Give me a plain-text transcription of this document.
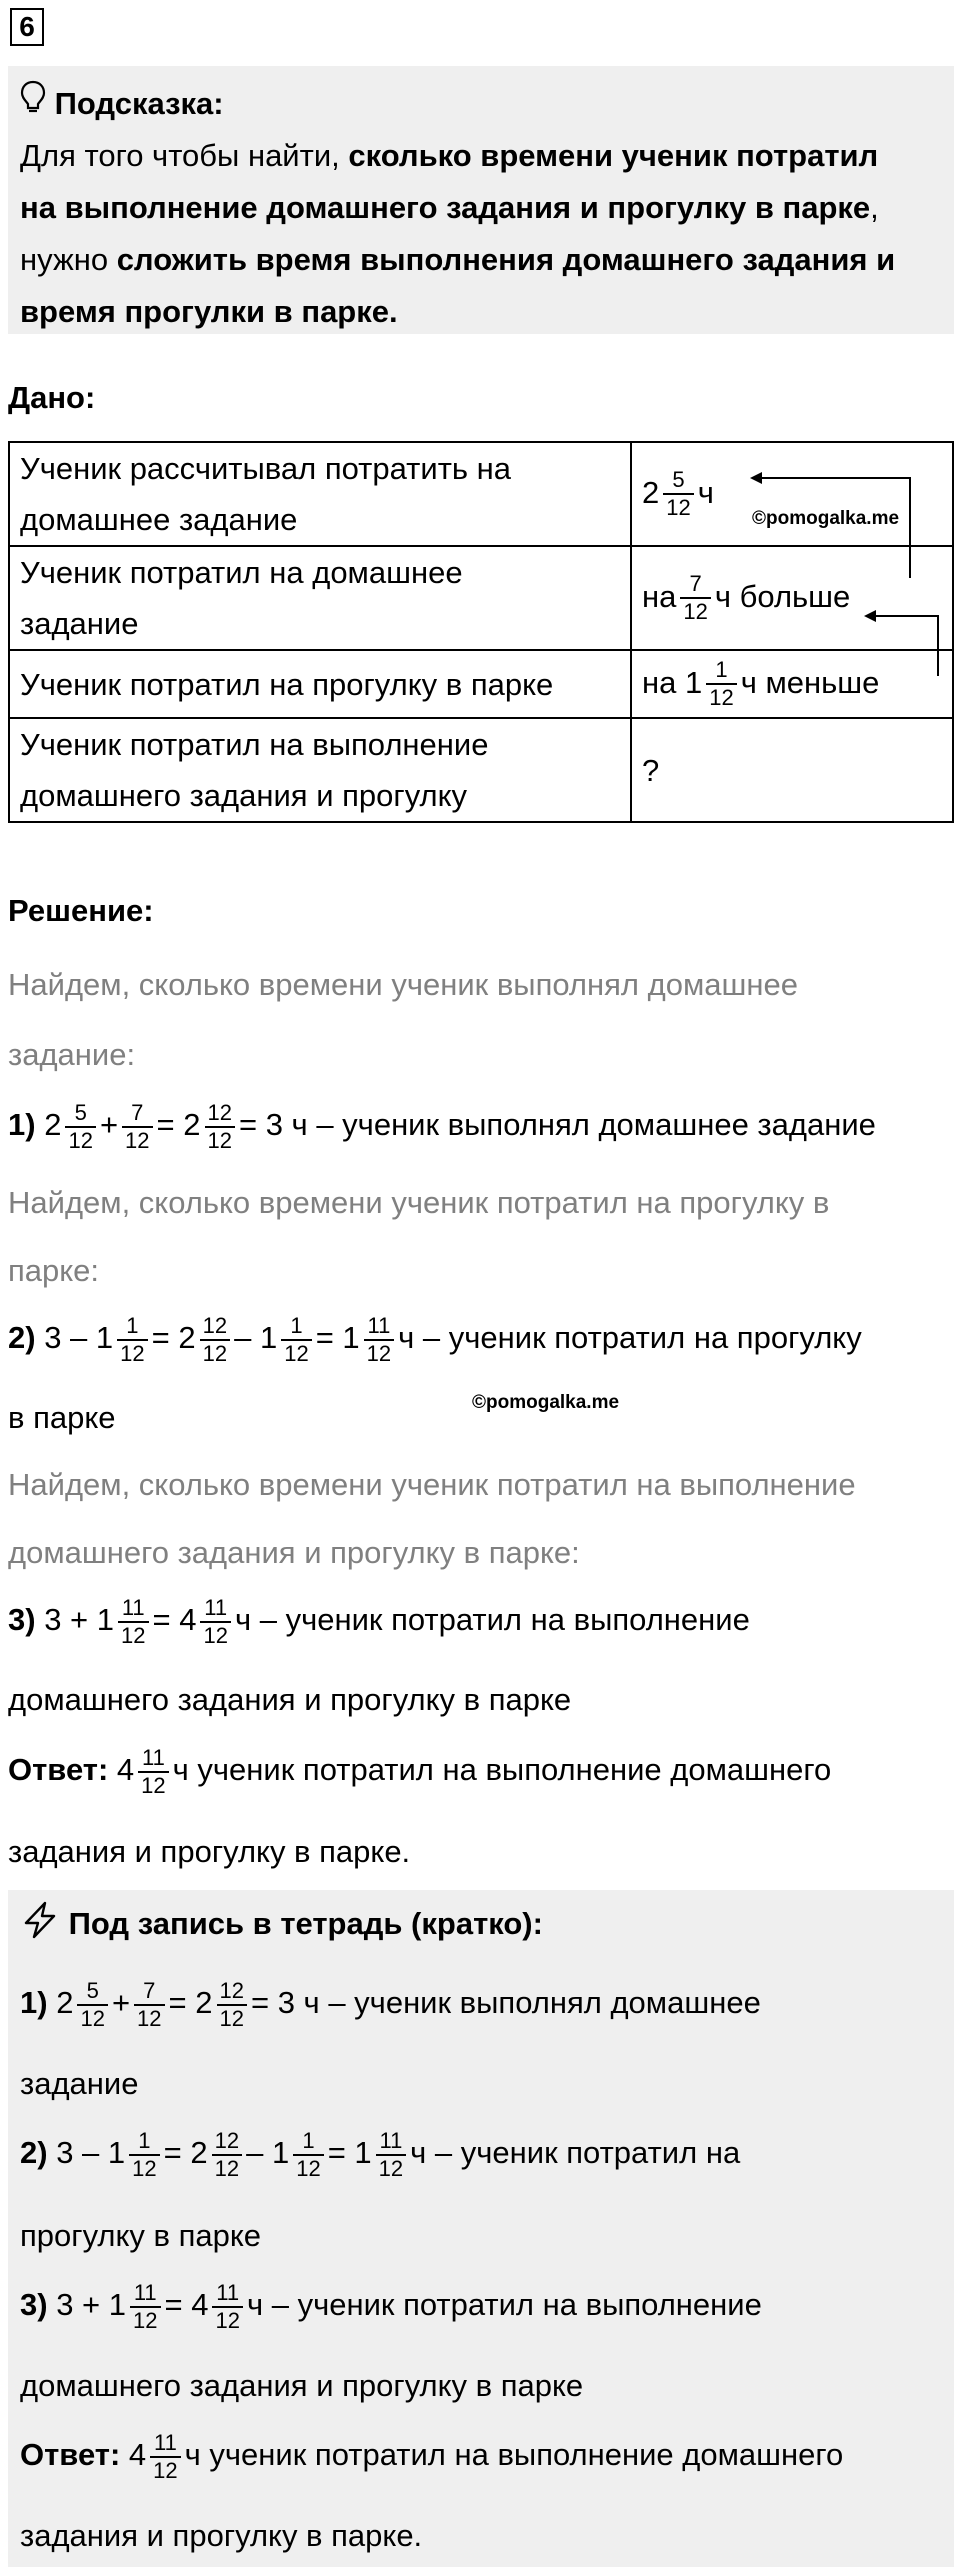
6
Подсказка:
Для того чтобы найти, сколько времени ученик потратил
на выполнение домашнего задания и прогулку в парке,
нужно сложить время выполнения домашнего задания и
время прогулки в парке.
Дано:
Ученик рассчитывал потратить на
домашнее задание	$2 \frac{5}{12}$ ч
Ученик потратил на домашнее
задание	на $\frac{7}{12}$ ч больше
Ученик потратил на прогулку в парке	на $1 \frac{1}{12}$ ч меньше
Ученик потратил на выполнение
домашнего задания и прогулку	?
©pomogalka.me
Решение:
Найдем, сколько времени ученик выполнял домашнее
задание:
1) $2 \frac{5}{12} + \frac{7}{12} = 2 \frac{12}{12} = 3$ ч – ученик выполнял домашнее задание
Найдем, сколько времени ученик потратил на прогулку в
парке:
2) $3 - 1 \frac{1}{12} = 2 \frac{12}{12} - 1 \frac{1}{12} = 1 \frac{11}{12}$ ч – ученик потратил на прогулку
в парке	©pomogalka.me
Найдем, сколько времени ученик потратил на выполнение
домашнего задания и прогулку в парке:
3) $3 + 1 \frac{11}{12} = 4 \frac{11}{12}$ ч – ученик потратил на выполнение
домашнего задания и прогулку в парке
Ответ: $4 \frac{11}{12}$ ч ученик потратил на выполнение домашнего
задания и прогулку в парке.
Под запись в тетрадь (кратко):
1) $2 \frac{5}{12} + \frac{7}{12} = 2 \frac{12}{12} = 3$ ч – ученик выполнял домашнее
задание
2) $3 - 1 \frac{1}{12} = 2 \frac{12}{12} - 1 \frac{1}{12} = 1 \frac{11}{12}$ ч – ученик потратил на
прогулку в парке
3) $3 + 1 \frac{11}{12} = 4 \frac{11}{12}$ ч – ученик потратил на выполнение
домашнего задания и прогулку в парке
Ответ: $4 \frac{11}{12}$ ч ученик потратил на выполнение домашнего
задания и прогулку в парке.
